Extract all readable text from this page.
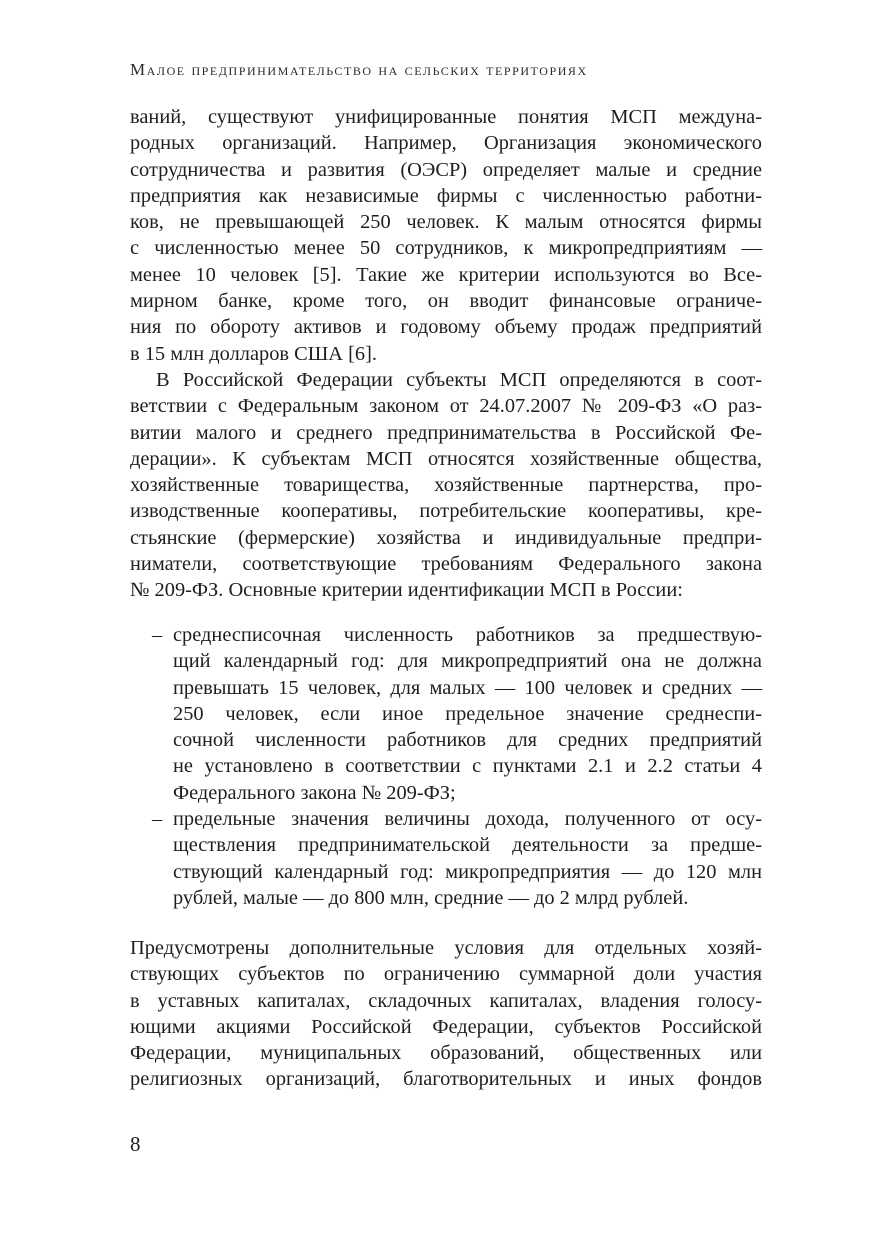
Малое предпринимательство на сельских территориях
ваний, существуют унифицированные понятия МСП междуна-
родных организаций. Например, Организация экономического
сотрудничества и развития (ОЭСР) определяет малые и средние
предприятия как независимые фирмы с численностью работни-
ков, не превышающей 250 человек. К малым относятся фирмы
с численностью менее 50 сотрудников, к микропредприятиям —
менее 10 человек [5]. Такие же критерии используются во Все-
мирном банке, кроме того, он вводит финансовые ограниче-
ния по обороту активов и годовому объему продаж предприятий
в 15 млн долларов США [6].
В Российской Федерации субъекты МСП определяются в соот-
ветствии с Федеральным законом от 24.07.2007 № 209-ФЗ «О раз-
витии малого и среднего предпринимательства в Российской Фе-
дерации». К субъектам МСП относятся хозяйственные общества,
хозяйственные товарищества, хозяйственные партнерства, про-
изводственные кооперативы, потребительские кооперативы, кре-
стьянские (фермерские) хозяйства и индивидуальные предпри-
ниматели, соответствующие требованиям Федерального закона
№ 209-ФЗ. Основные критерии идентификации МСП в России:
– среднесписочная численность работников за предшествую-
щий календарный год: для микропредприятий она не должна
превышать 15 человек, для малых — 100 человек и средних —
250 человек, если иное предельное значение среднеспи-
сочной численности работников для средних предприятий
не установлено в соответствии с пунктами 2.1 и 2.2 статьи 4
Федерального закона № 209-ФЗ;
– предельные значения величины дохода, полученного от осу-
ществления предпринимательской деятельности за предше-
ствующий календарный год: микропредприятия — до 120 млн
рублей, малые — до 800 млн, средние — до 2 млрд рублей.
Предусмотрены дополнительные условия для отдельных хозяй-
ствующих субъектов по ограничению суммарной доли участия
в уставных капиталах, складочных капиталах, владения голосу-
ющими акциями Российской Федерации, субъектов Российской
Федерации, муниципальных образований, общественных или
религиозных организаций, благотворительных и иных фондов
8
